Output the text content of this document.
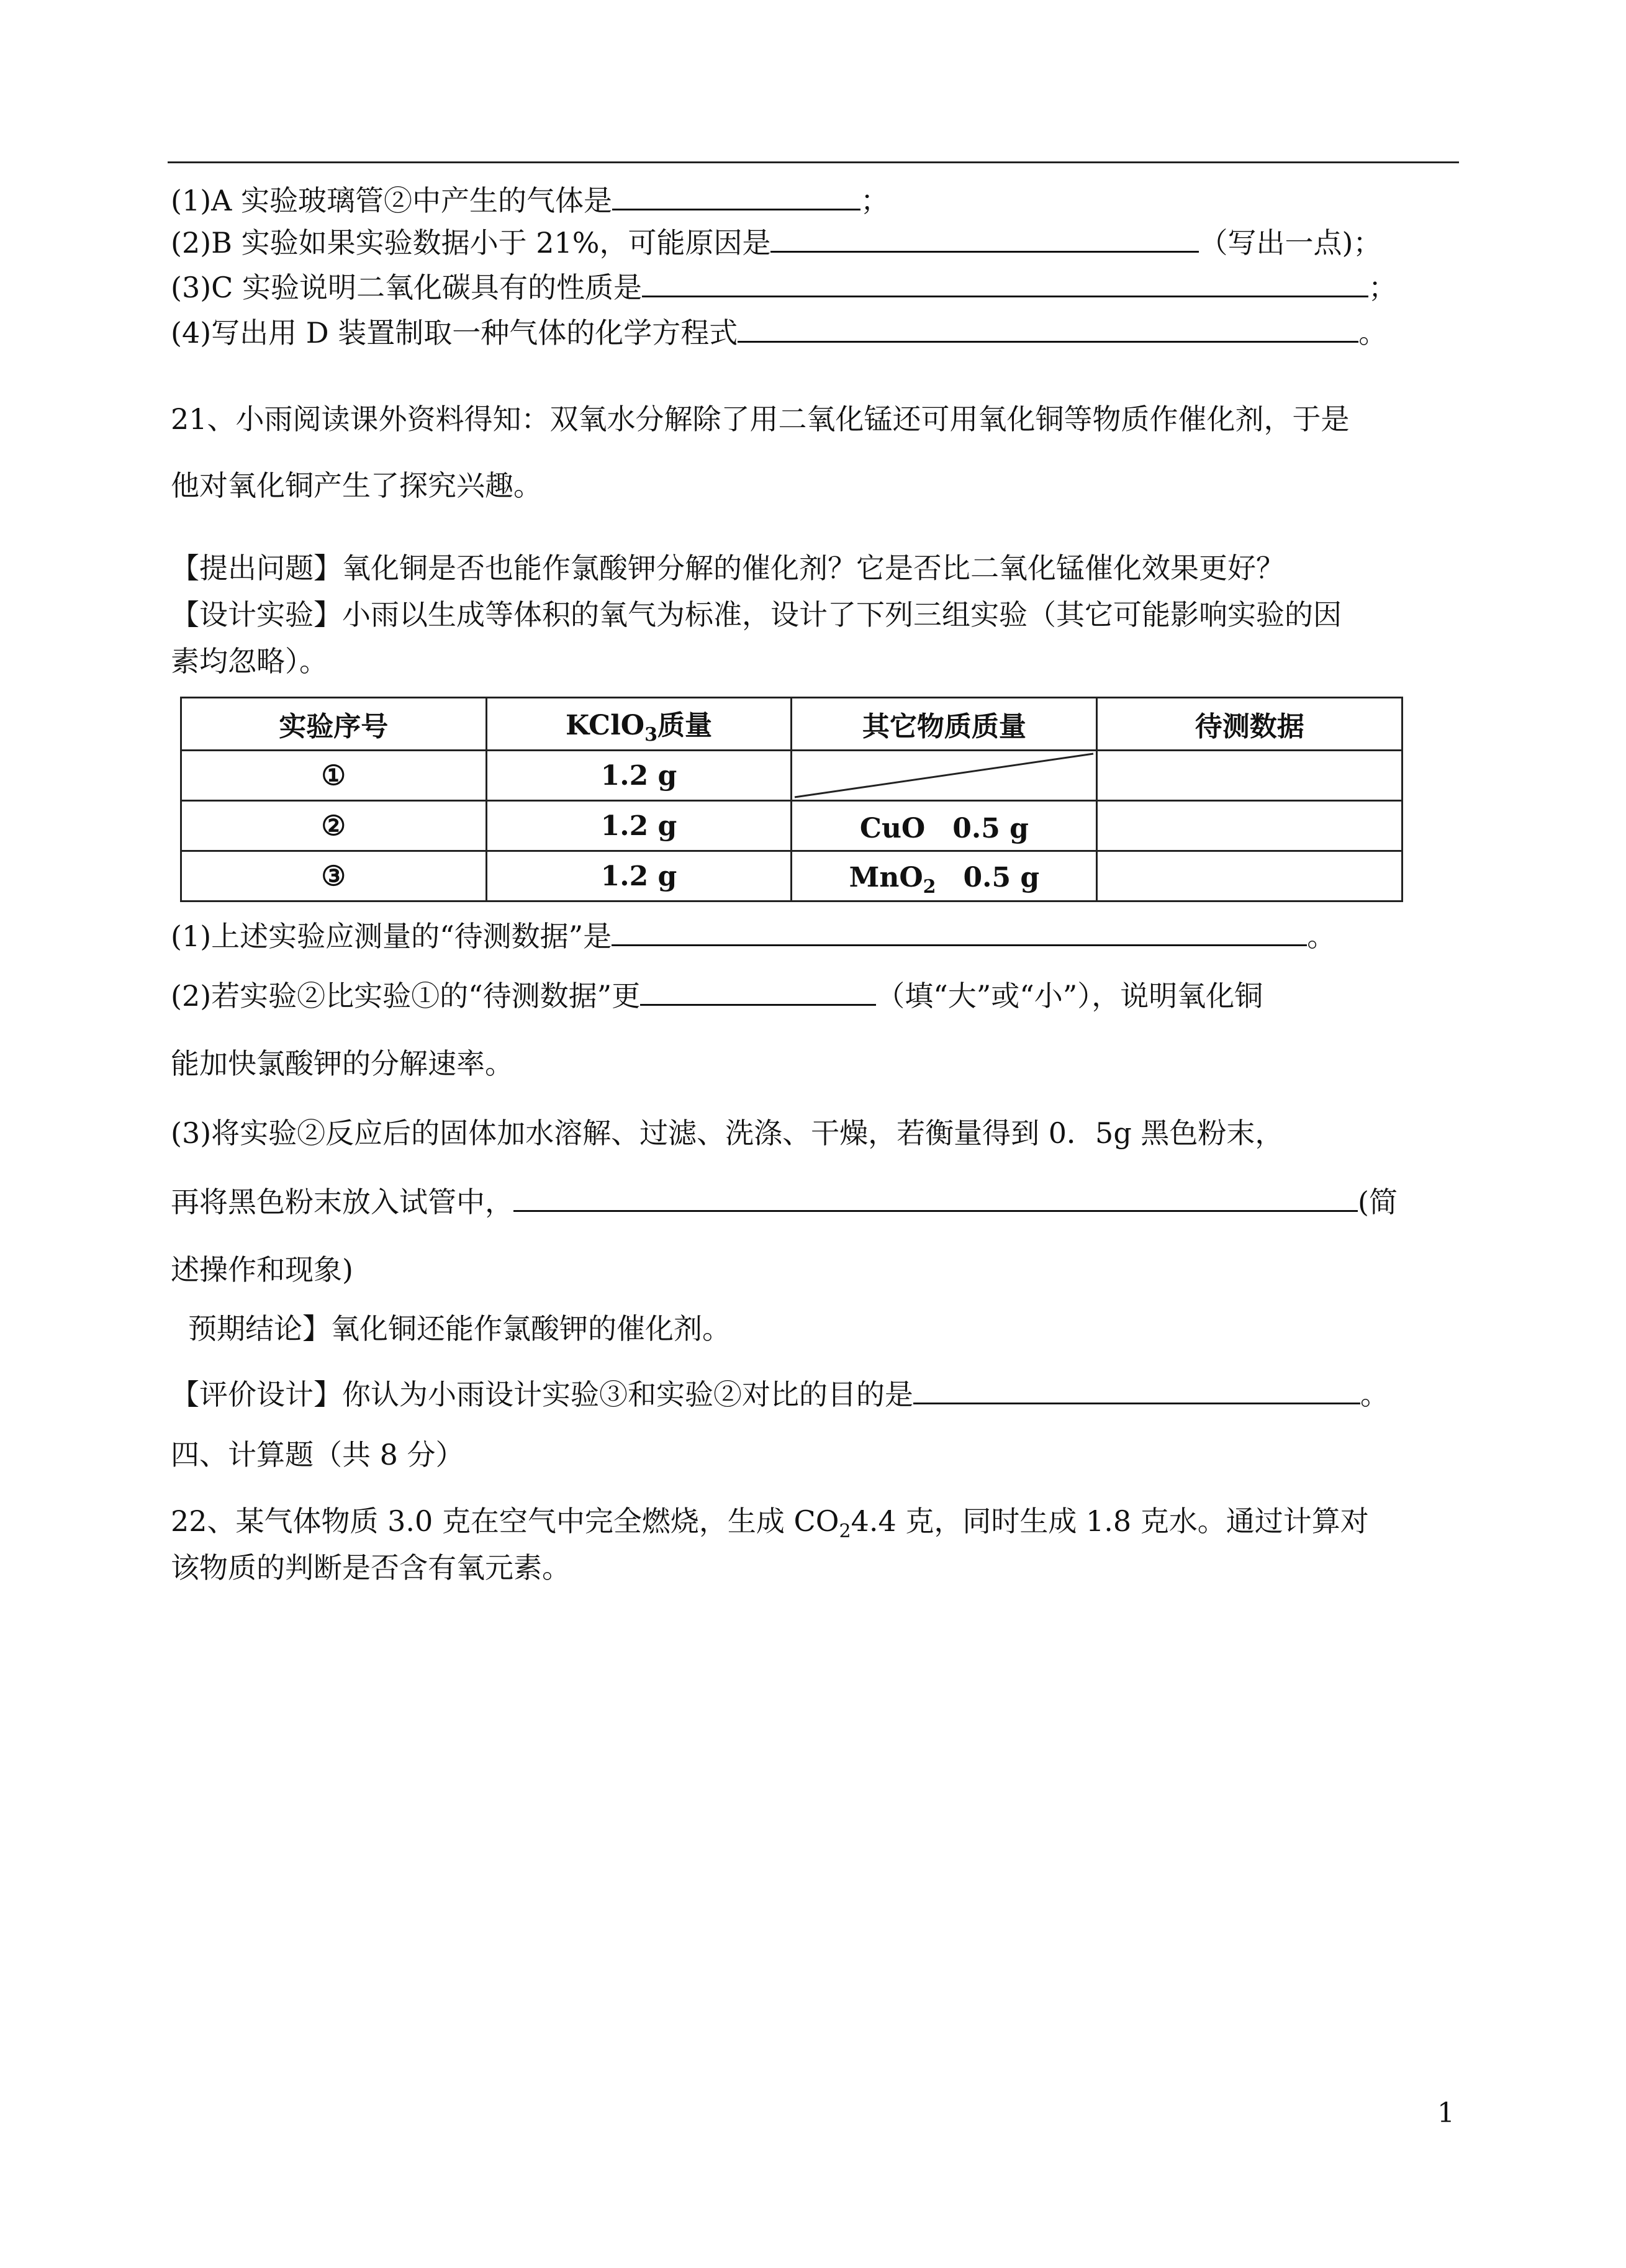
(1)A 实验玻璃管②中产生的气体是	；
(2)B 实验如果实验数据小于 21%，可能原因是	（写出一点)；
(3)C 实验说明二氧化碳具有的性质是	；
(4)写出用 D 装置制取一种气体的化学方程式	。
21、小雨阅读课外资料得知：双氧水分解除了用二氧化锰还可用氧化铜等物质作催化剂，于是
他对氧化铜产生了探究兴趣。
【提出问题】氧化铜是否也能作氯酸钾分解的催化剂？它是否比二氧化锰催化效果更好？
【设计实验】小雨以生成等体积的氧气为标准，设计了下列三组实验（其它可能影响实验的因
素均忽略）。
实验序号	KClO$_3$质量	其它物质质量	待测数据
①	1.2 g	

②	1.2 g	CuO　0.5 g	
③	1.2 g	MnO$_2$　0.5 g	
(1)上述实验应测量的“待测数据”是	。
(2)若实验②比实验①的“待测数据”更	（填“大”或“小”），说明氧化铜
能加快氯酸钾的分解速率。
(3)将实验②反应后的固体加水溶解、过滤、洗涤、干燥，若衡量得到 0．5g 黑色粉末，
再将黑色粉末放入试管中，	(简
述操作和现象)
预期结论】氧化铜还能作氯酸钾的催化剂。
【评价设计】你认为小雨设计实验③和实验②对比的目的是	。
四、计算题（共 8 分）
22、某气体物质 3.0 克在空气中完全燃烧，生成 $CO_24.4$ 克，同时生成 1.8 克水。通过计算对
该物质的判断是否含有氧元素。
1
